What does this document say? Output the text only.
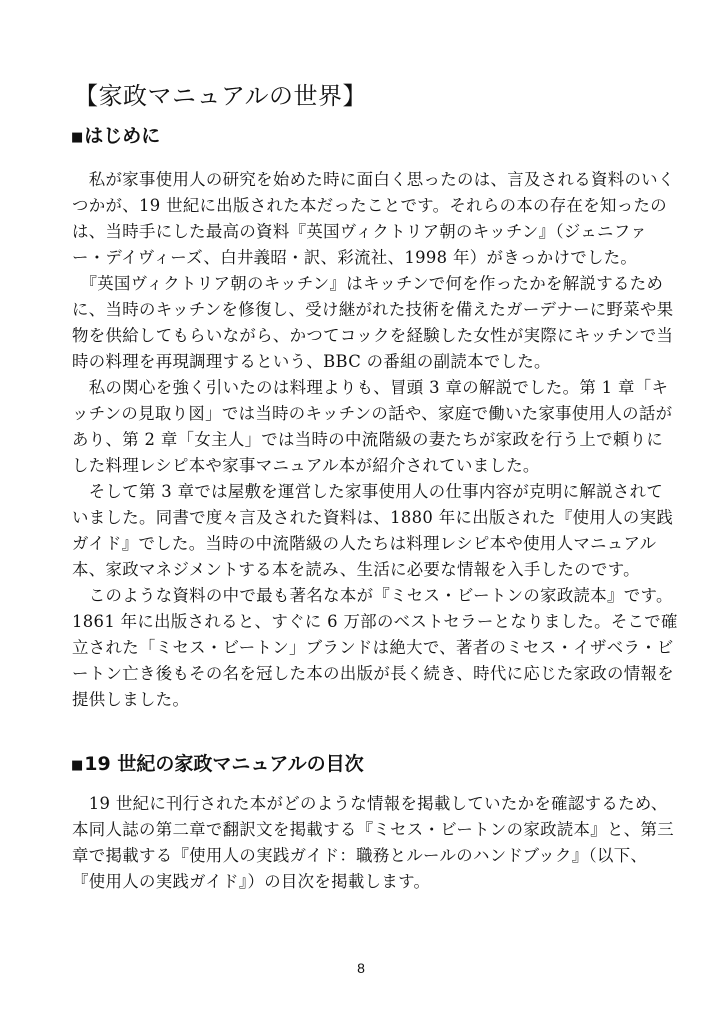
【家政マニュアルの世界】
■はじめに

　私が家事使用人の研究を始めた時に面白く思ったのは、言及される資料のいく

つかが、19 世紀に出版された本だったことです。それらの本の存在を知ったの

は、当時手にした最高の資料『英国ヴィクトリア朝のキッチン』（ジェニファ

ー・デイヴィーズ、白井義昭・訳、彩流社、1998 年）がきっかけでした。

　『英国ヴィクトリア朝のキッチン』はキッチンで何を作ったかを解説するため

に、当時のキッチンを修復し、受け継がれた技術を備えたガーデナーに野菜や果

物を供給してもらいながら、かつてコックを経験した女性が実際にキッチンで当

時の料理を再現調理するという、BBC の番組の副読本でした。

　私の関心を強く引いたのは料理よりも、冒頭 3 章の解説でした。第 1 章「キ

ッチンの見取り図」では当時のキッチンの話や、家庭で働いた家事使用人の話が

あり、第 2 章「女主人」では当時の中流階級の妻たちが家政を行う上で頼りに

した料理レシピ本や家事マニュアル本が紹介されていました。

　そして第 3 章では屋敷を運営した家事使用人の仕事内容が克明に解説されて

いました。同書で度々言及された資料は、1880 年に出版された『使用人の実践

ガイド』でした。当時の中流階級の人たちは料理レシピ本や使用人マニュアル

本、家政マネジメントする本を読み、生活に必要な情報を入手したのです。

　このような資料の中で最も著名な本が『ミセス・ビートンの家政読本』です。

1861 年に出版されると、すぐに 6 万部のベストセラーとなりました。そこで確

立された「ミセス・ビートン」ブランドは絶大で、著者のミセス・イザベラ・ビ

ートン亡き後もその名を冠した本の出版が長く続き、時代に応じた家政の情報を

提供しました。

■19 世紀の家政マニュアルの目次

　19 世紀に刊行された本がどのような情報を掲載していたかを確認するため、

本同人誌の第二章で翻訳文を掲載する『ミセス・ビートンの家政読本』と、第三

章で掲載する『使用人の実践ガイド：職務とルールのハンドブック』（以下、

『使用人の実践ガイド』）の目次を掲載します。

8
